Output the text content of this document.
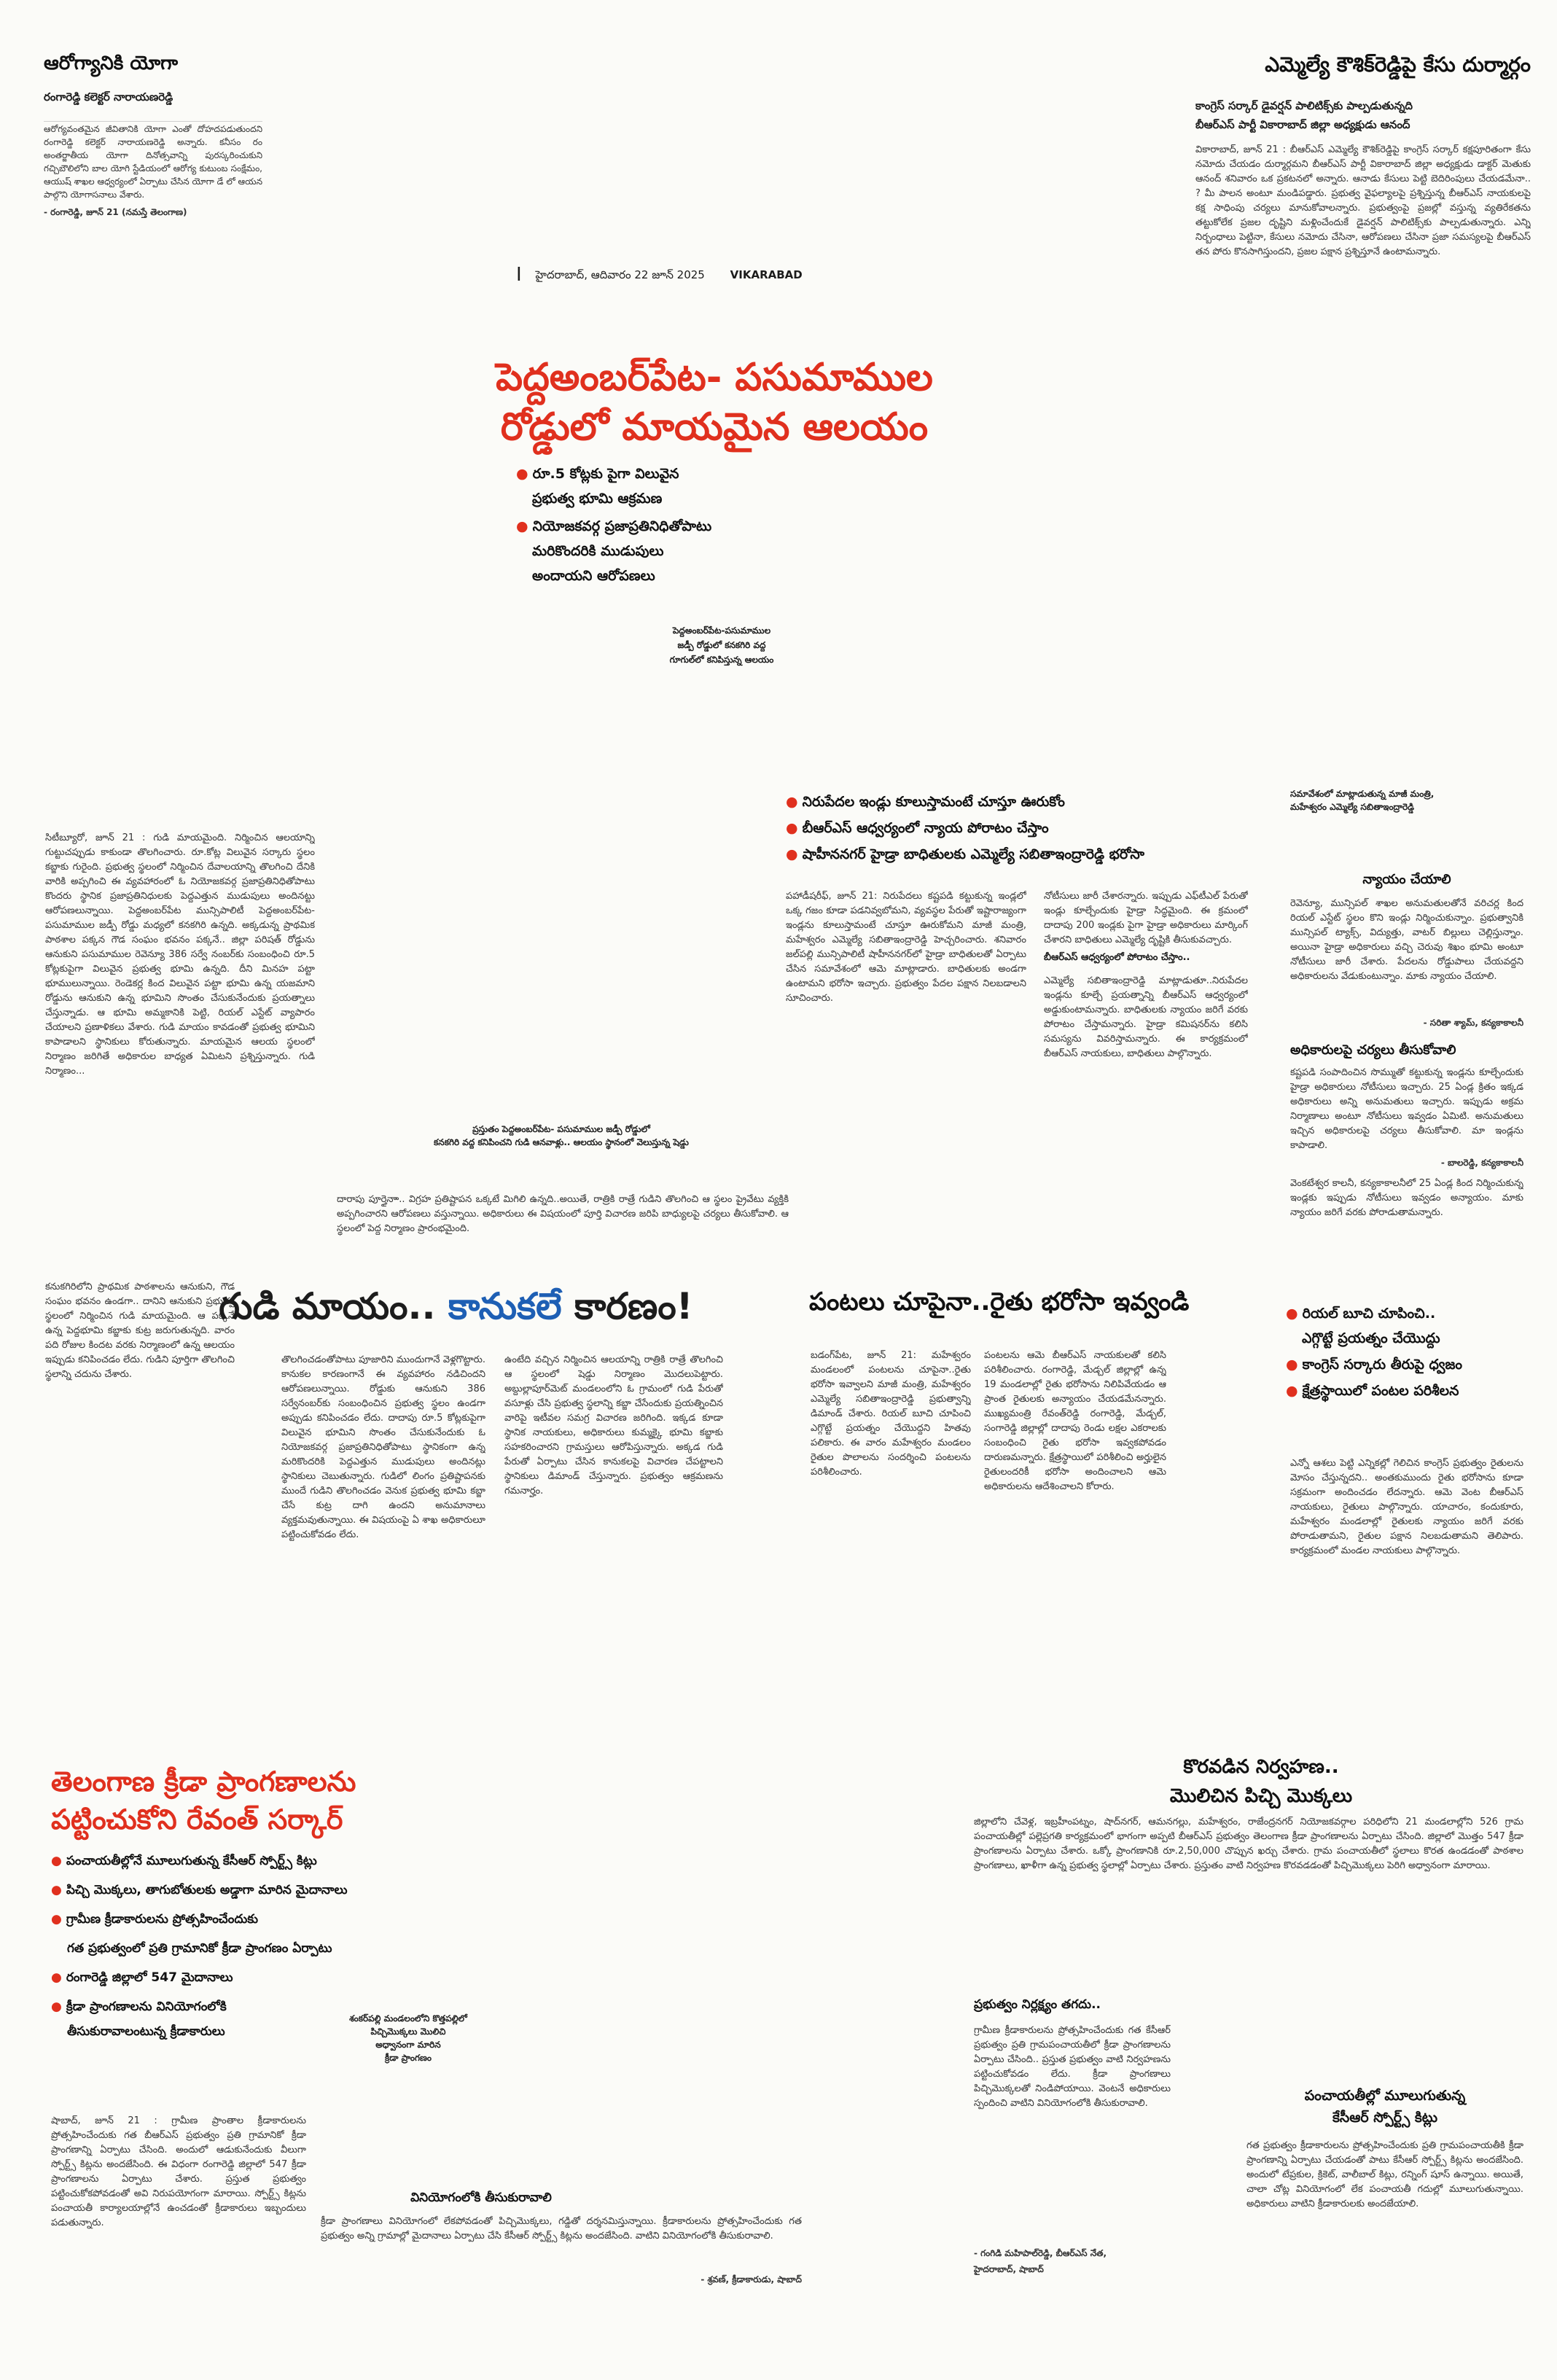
ఆరోగ్యానికి యోగా
రంగారెడ్డి కలెక్టర్ నారాయణరెడ్డి
ఆరోగ్యవంతమైన జీవితానికి యోగా ఎంతో దోహదపడుతుందని రంగారెడ్డి కలెక్టర్ నారాయణరెడ్డి అన్నారు. కనీసం రం అంతర్జాతీయ యోగా దినోత్సవాన్ని పురస్కరించుకుని గచ్చిబౌలిలోని బాల యోగి స్టేడియంలో ఆరోగ్య కుటుంబ సంక్షేమం, ఆయుష్ శాఖల ఆధ్వర్యంలో ఏర్పాటు చేసిన యోగా డే లో ఆయన పాల్గొని యోగాసనాలు వేశారు.
- రంగారెడ్డి, జూన్ 21 (నమస్తే తెలంగాణ)
I హైదరాబాద్, ఆదివారం 22 జూన్ 2025 VIKARABAD
ఎమ్మెల్యే కౌశిక్‌రెడ్డిపై కేసు దుర్మార్గం
కాంగ్రెస్ సర్కార్ డైవర్షన్ పాలిటిక్స్‌కు పాల్పడుతున్నది
బీఆర్‌ఎస్ పార్టీ వికారాబాద్ జిల్లా అధ్యక్షుడు ఆనంద్
వికారాబాద్, జూన్ 21 : బీఆర్‌ఎస్ ఎమ్మెల్యే కౌశిక్‌రెడ్డిపై కాంగ్రెస్ సర్కార్ కక్షపూరితంగా కేసు నమోదు చేయడం దుర్మార్గమని బీఆర్‌ఎస్ పార్టీ వికారాబాద్ జిల్లా అధ్యక్షుడు డాక్టర్ మెతుకు ఆనంద్ శనివారం ఒక ప్రకటనలో అన్నారు. ఆనాడు కేసులు పెట్టి బెదిరింపులు చేయడమేనా.. ? మీ పాలన అంటూ మండిపడ్డారు. ప్రభుత్వ వైఫల్యాలపై ప్రశ్నిస్తున్న బీఆర్‌ఎస్ నాయకులపై కక్ష సాధింపు చర్యలు మానుకోవాలన్నారు. ప్రభుత్వంపై ప్రజల్లో వస్తున్న వ్యతిరేకతను తట్టుకోలేక ప్రజల దృష్టిని మళ్లించేందుకే డైవర్షన్ పాలిటిక్స్‌కు పాల్పడుతున్నారు. ఎన్ని నిర్బంధాలు పెట్టినా, కేసులు నమోదు చేసినా, ఆరోపణలు చేసినా ప్రజా సమస్యలపై బీఆర్‌ఎస్ తన పోరు కొనసాగిస్తుందని, ప్రజల పక్షాన ప్రశ్నిస్తూనే ఉంటామన్నారు.
పెద్దఅంబర్‌పేట- పసుమాముల
రోడ్డులో మాయమైన ఆలయం
● రూ.5 కోట్లకు పైగా విలువైన
ప్రభుత్వ భూమి ఆక్రమణ
● నియోజకవర్గ ప్రజాప్రతినిధితోపాటు
మరికొందరికి ముడుపులు
అందాయని ఆరోపణలు
పెద్దఅంబర్‌పేట-పసుమాముల
జడ్పీ రోడ్డులో కనకగిరి వద్ద
గూగుల్‌లో కనిపిస్తున్న ఆలయం
సిటీబ్యూరో, జూన్ 21 : గుడి మాయమైంది. నిర్మించిన ఆలయాన్ని గుట్టుచప్పుడు కాకుండా తొలగించారు. రూ.కోట్ల విలువైన సర్కారు స్థలం కబ్జాకు గురైంది. ప్రభుత్వ స్థలంలో నిర్మించిన దేవాలయాన్ని తొలగించి దేనికి వారికి అప్పగించి ఈ వ్యవహారంలో ఓ నియోజకవర్గ ప్రజాప్రతినిధితోపాటు కొందరు స్థానిక ప్రజాప్రతినిధులకు పెద్దఎత్తున ముడుపులు అందినట్టు ఆరోపణలున్నాయి. పెద్దఅంబర్‌పేట మున్సిపాలిటీ పెద్దఅంబర్‌పేట-పసుమాముల జడ్పీ రోడ్డు మధ్యలో కనకగిరి ఉన్నది. అక్కడున్న ప్రాథమిక పాఠశాల పక్కన గౌడ సంఘం భవనం పక్కనే.. జిల్లా పరిషత్ రోడ్డును ఆనుకుని పసుమాముల రెవెన్యూ 386 సర్వే నంబర్‌కు సంబంధించి రూ.5 కోట్లకుపైగా విలువైన ప్రభుత్వ భూమి ఉన్నది. దీని మినహ పట్టా భూములున్నాయి. రెండెకర్ల కింద విలువైన పట్టా భూమి ఉన్న యజమాని రోడ్డును ఆనుకుని ఉన్న భూమిని సొంతం చేసుకునేందుకు ప్రయత్నాలు చేస్తున్నాడు. ఆ భూమి అమ్మకానికి పెట్టి, రియల్ ఎస్టేట్ వ్యాపారం చేయాలని ప్రణాళికలు వేశారు. గుడి మాయం కావడంతో ప్రభుత్వ భూమిని కాపాడాలని స్థానికులు కోరుతున్నారు. మాయమైన ఆలయ స్థలంలో నిర్మాణం జరిగితే అధికారుల బాధ్యత ఏమిటని ప్రశ్నిస్తున్నారు. గుడి నిర్మాణం...
ప్రస్తుతం పెద్దఅంబర్‌పేట- పసుమాముల జడ్పీ రోడ్డులో
కనకగిరి వద్ద కనిపించని గుడి ఆనవాళ్లు.. ఆలయం స్థానంలో వెలుస్తున్న షెడ్డు
దారాపు పూర్తైనాా.. విగ్రహ ప్రతిష్టాపన ఒక్కటే మిగిలి ఉన్నది..అయితే, రాత్రికి రాత్రే గుడిని తొలగించి ఆ స్థలం ప్రైవేటు వ్యక్తికి అప్పగించారని ఆరోపణలు వస్తున్నాయి. అధికారులు ఈ విషయంలో పూర్తి విచారణ జరిపి బాధ్యులపై చర్యలు తీసుకోవాలి. ఆ స్థలంలో పెద్ద నిర్మాణం ప్రారంభమైంది.
కనుకగిరిలోని ప్రాథమిక పాఠశాలను ఆనుకుని, గౌడ సంఘం భవనం ఉండగా.. దానిని ఆనుకుని ప్రభుత్వ స్థలంలో నిర్మించిన గుడి మాయమైంది. ఆ పక్కనే ఉన్న పెద్దభూమి కబ్జాకు కుట్ర జరుగుతున్నది. వారం పది రోజుల కిందట వరకు నిర్మాణంలో ఉన్న ఆలయం ఇప్పుడు కనిపించడం లేదు. గుడిని పూర్తిగా తొలగించి స్థలాన్ని చదును చేశారు.
గుడి మాయం.. కానుకలే కారణం!
తొలగించడంతోపాటు పూజారిని ముందుగానే వెళ్లగొట్టారు. కానుకల కారణంగానే ఈ వ్యవహారం నడిచిందని ఆరోపణలున్నాయి. రోడ్డుకు ఆనుకుని 386 సర్వేనంబర్‌కు సంబంధించిన ప్రభుత్వ స్థలం ఉండగా అప్పుడు కనిపించడం లేదు. దాదాపు రూ.5 కోట్లకుపైగా విలువైన భూమిని సొంతం చేసుకునేందుకు ఓ నియోజకవర్గ ప్రజాప్రతినిధితోపాటు స్థానికంగా ఉన్న మరికొందరికి పెద్దఎత్తున ముడుపులు అందినట్లు స్థానికులు చెబుతున్నారు. గుడిలో లింగం ప్రతిష్టాపనకు ముందే గుడిని తొలగించడం వెనుక ప్రభుత్వ భూమి కబ్జా చేసే కుట్ర దాగి ఉందని అనుమానాలు వ్యక్తమవుతున్నాయి. ఈ విషయంపై ఏ శాఖ అధికారులూ పట్టించుకోవడం లేదు.
ఉంటేది వచ్చిన నిర్మించిన ఆలయాన్ని రాత్రికి రాత్రే తొలగించి ఆ స్థలంలో షెడ్డు నిర్మాణం మొదలుపెట్టారు. అబ్దుల్లాపూర్‌మెట్ మండలంలోని ఓ గ్రామంలో గుడి పేరుతో వసూళ్లు చేసి ప్రభుత్వ స్థలాన్ని కబ్జా చేసేందుకు ప్రయత్నించిన వారిపై ఇటీవల సమగ్ర విచారణ జరిగింది. ఇక్కడ కూడా స్థానిక నాయకులు, అధికారులు కుమ్మక్కై భూమి కబ్జాకు సహకరించారని గ్రామస్తులు ఆరోపిస్తున్నారు. అక్కడ గుడి పేరుతో ఏర్పాటు చేసిన కానుకలపై విచారణ చేపట్టాలని స్థానికులు డిమాండ్ చేస్తున్నారు. ప్రభుత్వం ఆక్రమణను గమనార్హం.
● నిరుపేదల ఇండ్లు కూలుస్తామంటే చూస్తూ ఊరుకోం
● బీఆర్‌ఎస్ ఆధ్వర్యంలో న్యాయ పోరాటం చేస్తాం
● షాహీననగర్ హైడ్రా బాధితులకు ఎమ్మెల్యే సబితాఇంద్రారెడ్డి భరోసా
పహాడీషరీఫ్, జూన్ 21: నిరుపేదలు కష్టపడి కట్టుకున్న ఇండ్లలో ఒక్క గజం కూడా పడనివ్వబోమని, వ్యవస్థల పేరుతో ఇష్టారాజ్యంగా ఇండ్లను కూలుస్తామంటే చూస్తూ ఊరుకోమని మాజీ మంత్రి, మహేశ్వరం ఎమ్మెల్యే సబితాఇంద్రారెడ్డి హెచ్చరించారు. శనివారం జల్‌పల్లి మున్సిపాలిటీ షాహీననగర్‌లో హైడ్రా బాధితులతో ఏర్పాటు చేసిన సమావేశంలో ఆమె మాట్లాడారు. బాధితులకు అండగా ఉంటామని భరోసా ఇచ్చారు. ప్రభుత్వం పేదల పక్షాన నిలబడాలని సూచించారు.
నోటీసులు జారీ చేశారన్నారు. ఇప్పుడు ఎఫ్‌టీఎల్ పేరుతో ఇండ్లు కూల్చేందుకు హైడ్రా సిద్ధమైంది. ఈ క్రమంలో దాదాపు 200 ఇండ్లకు పైగా హైడ్రా అధికారులు మార్కింగ్ చేశారని బాధితులు ఎమ్మెల్యే దృష్టికి తీసుకువచ్చారు.
బీఆర్‌ఎస్ ఆధ్వర్యంలో పోరాటం చేస్తాం..
ఎమ్మెల్యే సబితాఇంద్రారెడ్డి మాట్లాడుతూ..నిరుపేదల ఇండ్లను కూల్చే ప్రయత్నాన్ని బీఆర్‌ఎస్ ఆధ్వర్యంలో అడ్డుకుంటామన్నారు. బాధితులకు న్యాయం జరిగే వరకు పోరాటం చేస్తామన్నారు. హైడ్రా కమిషనర్‌ను కలిసి సమస్యను వివరిస్తామన్నారు. ఈ కార్యక్రమంలో బీఆర్‌ఎస్ నాయకులు, బాధితులు పాల్గొన్నారు.
సమావేశంలో మాట్లాడుతున్న మాజీ మంత్రి,
మహేశ్వరం ఎమ్మెల్యే సబితాఇంద్రారెడ్డి
న్యాయం చేయాలి
రెవెన్యూ, మున్సిపల్ శాఖల అనుమతులతోనే వరిచర్ల కింద రియల్ ఎస్టేట్ స్థలం కొని ఇండ్లు నిర్మించుకున్నాం. ప్రభుత్వానికి మున్సిపల్ ట్యాక్స్, విద్యుత్తు, వాటర్ బిల్లులు చెల్లిస్తున్నాం. అయినా హైడ్రా అధికారులు వచ్చి చెరువు శిఖం భూమి అంటూ నోటీసులు జారీ చేశారు. పేదలను రోడ్డుపాలు చేయవద్దని అధికారులను వేడుకుంటున్నాం. మాకు న్యాయం చేయాలి.
- సరితా శ్యామ్, కన్యకాకాలనీ
అధికారులపై చర్యలు తీసుకోవాలి
కష్టపడి సంపాదించిన సొమ్ముతో కట్టుకున్న ఇండ్లను కూల్చేందుకు హైడ్రా అధికారులు నోటీసులు ఇచ్చారు. 25 ఏండ్ల క్రితం ఇక్కడ అధికారులు అన్ని అనుమతులు ఇచ్చారు. ఇప్పుడు అక్రమ నిర్మాణాలు అంటూ నోటీసులు ఇవ్వడం ఏమిటి. అనుమతులు ఇచ్చిన అధికారులపై చర్యలు తీసుకోవాలి. మా ఇండ్లను కాపాడాలి.
- బాలరెడ్డి, కన్యకాకాలనీ
వెంకటేశ్వర కాలనీ, కన్యకాకాలనీలో 25 ఏండ్ల కింద నిర్మించుకున్న ఇండ్లకు ఇప్పుడు నోటీసులు ఇవ్వడం అన్యాయం. మాకు న్యాయం జరిగే వరకు పోరాడుతామన్నారు.
పంటలు చూపైనా..రైతు భరోసా ఇవ్వండి	● రియల్ బూచి చూపించి..
ఎగ్గొట్టే ప్రయత్నం చేయొద్దు
● కాంగ్రెస్ సర్కారు తీరుపై ధ్వజం
● క్షేత్రస్థాయిలో పంటల పరిశీలన
బడంగ్‌పేట, జూన్ 21: మహేశ్వరం మండలంలో పంటలను చూపైనా..రైతు భరోసా ఇవ్వాలని మాజీ మంత్రి, మహేశ్వరం ఎమ్మెల్యే సబితాఇంద్రారెడ్డి ప్రభుత్వాన్ని డిమాండ్ చేశారు. రియల్ బూచి చూపించి ఎగ్గొట్టే ప్రయత్నం చేయొద్దని హితవు పలికారు. ఈ వారం మహేశ్వరం మండలం రైతుల పొలాలను సందర్శించి పంటలను పరిశీలించారు.
పంటలను ఆమె బీఆర్‌ఎస్ నాయకులతో కలిసి పరిశీలించారు. రంగారెడ్డి, మేడ్చల్ జిల్లాల్లో ఉన్న 19 మండలాల్లో రైతు భరోసాను నిలిపివేయడం ఆ ప్రాంత రైతులకు అన్యాయం చేయడమేనన్నారు. ముఖ్యమంత్రి రేవంత్‌రెడ్డి రంగారెడ్డి, మేడ్చల్, సంగారెడ్డి జిల్లాల్లో దాదాపు రెండు లక్షల ఎకరాలకు సంబంధించి రైతు భరోసా ఇవ్వకపోవడం దారుణమన్నారు. క్షేత్రస్థాయిలో పరిశీలించి అర్హులైన రైతులందరికీ భరోసా అందించాలని ఆమె అధికారులను ఆదేశించాలని కోరారు.
ఎన్నో ఆశలు పెట్టి ఎన్నికల్లో గెలిచిన కాంగ్రెస్ ప్రభుత్వం రైతులను మోసం చేస్తున్నదని.. అంతకుముందు రైతు భరోసాను కూడా సక్రమంగా అందించడం లేదన్నారు. ఆమె వెంట బీఆర్‌ఎస్ నాయకులు, రైతులు పాల్గొన్నారు. యాచారం, కందుకూరు, మహేశ్వరం మండలాల్లో రైతులకు న్యాయం జరిగే వరకు పోరాడుతామని, రైతుల పక్షాన నిలబడుతామని తెలిపారు. కార్యక్రమంలో మండల నాయకులు పాల్గొన్నారు.
తెలంగాణ క్రీడా ప్రాంగణాలను
పట్టించుకోని రేవంత్ సర్కార్
● పంచాయతీల్లోనే మూలుగుతున్న కేసీఆర్ స్పోర్ట్స్ కిట్లు
● పిచ్చి మొక్కలు, తాగుబోతులకు అడ్డాగా మారిన మైదానాలు
● గ్రామీణ క్రీడాకారులను ప్రోత్సహించేందుకు
గత ప్రభుత్వంలో ప్రతి గ్రామానికో క్రీడా ప్రాంగణం ఏర్పాటు
● రంగారెడ్డి జిల్లాలో 547 మైదానాలు
● క్రీడా ప్రాంగణాలను వినియోగంలోకి
తీసుకురావాలంటున్న క్రీడాకారులు
శంకర్‌పల్లి మండలంలోని కొత్తపల్లిలో పిచ్చిమొక్కలు మొలిచి
అధ్వానంగా మారిన
క్రీడా ప్రాంగణం
షాబాద్, జూన్ 21 : గ్రామీణ ప్రాంతాల క్రీడాకారులను ప్రోత్సహించేందుకు గత బీఆర్‌ఎస్ ప్రభుత్వం ప్రతి గ్రామానికో క్రీడా ప్రాంగణాన్ని ఏర్పాటు చేసింది. అందులో ఆడుకునేందుకు వీలుగా స్పోర్ట్స్ కిట్లను అందజేసింది. ఈ విధంగా రంగారెడ్డి జిల్లాలో 547 క్రీడా ప్రాంగణాలను ఏర్పాటు చేశారు. ప్రస్తుత ప్రభుత్వం పట్టించుకోకపోవడంతో అవి నిరుపయోగంగా మారాయి. స్పోర్ట్స్ కిట్లను పంచాయతీ కార్యాలయాల్లోనే ఉంచడంతో క్రీడాకారులు ఇబ్బందులు పడుతున్నారు.
వినియోగంలోకి తీసుకురావాలి
క్రీడా ప్రాంగణాలు వినియోగంలో లేకపోవడంతో పిచ్చిమొక్కలు, గడ్డితో దర్శనమిస్తున్నాయి. క్రీడాకారులను ప్రోత్సహించేందుకు గత ప్రభుత్వం అన్ని గ్రామాల్లో మైదానాలు ఏర్పాటు చేసి కేసీఆర్ స్పోర్ట్స్ కిట్లను అందజేసింది. వాటిని వినియోగంలోకి తీసుకురావాలి.
- శ్రవణ్, క్రీడాకారుడు, షాబాద్
కొరవడిన నిర్వహణ..
మొలిచిన పిచ్చి మొక్కలు
జిల్లాలోని చేవెళ్ల, ఇబ్రహీంపట్నం, షాద్‌నగర్, ఆమనగల్లు, మహేశ్వరం, రాజేంద్రనగర్ నియోజకవర్గాల పరిధిలోని 21 మండలాల్లోని 526 గ్రామ పంచాయతీల్లో పల్లెప్రగతి కార్యక్రమంలో భాగంగా అప్పటి బీఆర్‌ఎస్ ప్రభుత్వం తెలంగాణ క్రీడా ప్రాంగణాలను ఏర్పాటు చేసింది. జిల్లాలో మొత్తం 547 క్రీడా ప్రాంగణాలను ఏర్పాటు చేశారు. ఒక్కో ప్రాంగణానికి రూ.2,50,000 చొప్పున ఖర్చు చేశారు. గ్రామ పంచాయతీలో స్థలాలు కొరత ఉండడంతో పాఠశాల ప్రాంగణాలు, ఖాళీగా ఉన్న ప్రభుత్వ స్థలాల్లో ఏర్పాటు చేశారు. ప్రస్తుతం వాటి నిర్వహణ కొరవడడంతో పిచ్చిమొక్కలు పెరిగి అధ్వానంగా మారాయి.
ప్రభుత్వం నిర్లక్ష్యం తగదు..
గ్రామీణ క్రీడాకారులను ప్రోత్సహించేందుకు గత కేసీఆర్ ప్రభుత్వం ప్రతి గ్రామపంచాయతీలో క్రీడా ప్రాంగణాలను ఏర్పాటు చేసింది.. ప్రస్తుత ప్రభుత్వం వాటి నిర్వహణను పట్టించుకోవడం లేదు. క్రీడా ప్రాంగణాలు పిచ్చిమొక్కలతో నిండిపోయాయి. వెంటనే అధికారులు స్పందించి వాటిని వినియోగంలోకి తీసుకురావాలి.
- గంగిడి మహిపాల్‌రెడ్డి, బీఆర్‌ఎస్ నేత,
హైదరాబాద్, షాబాద్
పంచాయతీల్లో మూలుగుతున్న
కేసీఆర్ స్పోర్ట్స్ కిట్లు
గత ప్రభుత్వం క్రీడాకారులను ప్రోత్సహించేందుకు ప్రతి గ్రామపంచాయతీకి క్రీడా ప్రాంగణాన్ని ఏర్పాటు చేయడంతో పాటు కేసీఆర్ స్పోర్ట్స్ కిట్లను అందజేసింది. అందులో టేప్రకుల, క్రికెట్, వాలీబాల్ కిట్లు, రన్నింగ్ షూస్ ఉన్నాయి. అయితే, చాలా చోట్ల వినియోగంలో లేక పంచాయతీ గదుల్లో మూలుగుతున్నాయి. అధికారులు వాటిని క్రీడాకారులకు అందజేయాలి.
